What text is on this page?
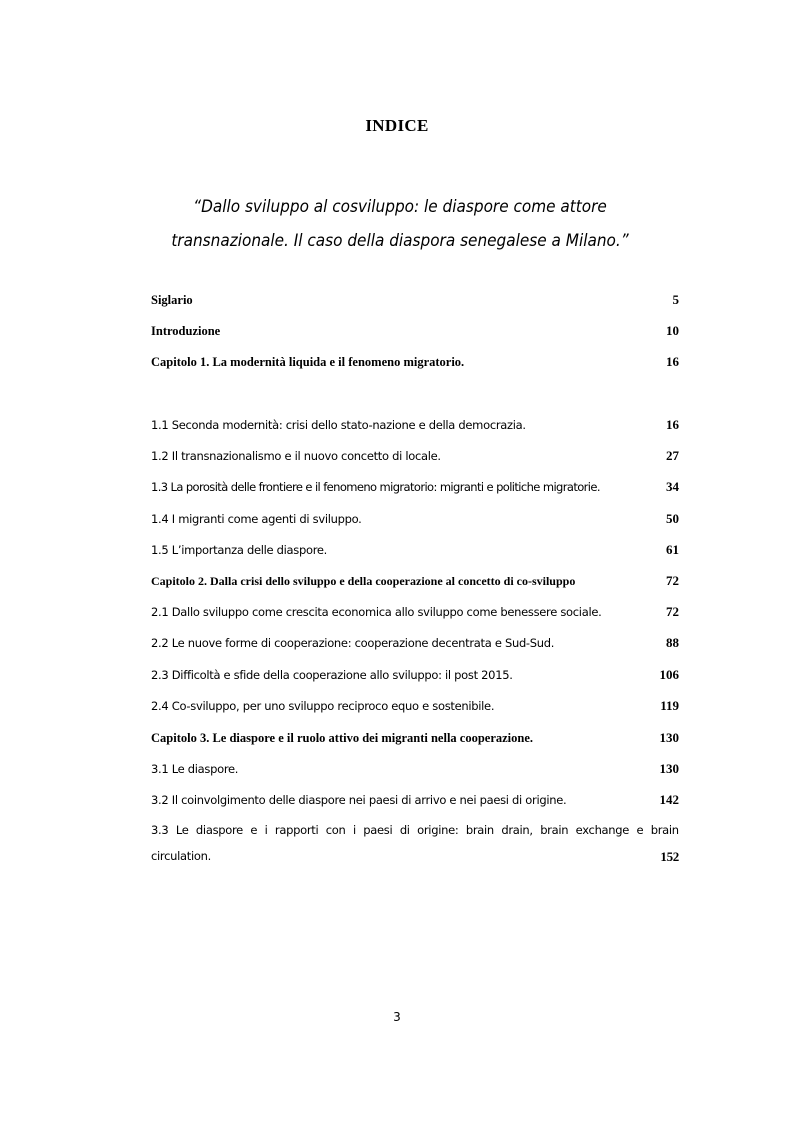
INDICE
“Dallo sviluppo al cosviluppo: le diaspore come attore
transnazionale. Il caso della diaspora senegalese a Milano.”
Siglario	5
Introduzione	10
Capitolo 1. La modernità liquida e il fenomeno migratorio.	16
1.1 Seconda modernità: crisi dello stato-nazione e della democrazia.	16
1.2 Il transnazionalismo e il nuovo concetto di locale.	27
1.3 La porosità delle frontiere e il fenomeno migratorio: migranti e politiche migratorie.	34
1.4 I migranti come agenti di sviluppo.	50
1.5 L’importanza delle diaspore.	61
Capitolo 2. Dalla crisi dello sviluppo e della cooperazione al concetto di co-sviluppo	72
2.1 Dallo sviluppo come crescita economica allo sviluppo come benessere sociale.	72
2.2 Le nuove forme di cooperazione: cooperazione decentrata e Sud-Sud.	88
2.3 Difficoltà e sfide della cooperazione allo sviluppo: il post 2015.	106
2.4 Co-sviluppo, per uno sviluppo reciproco equo e sostenibile.	119
Capitolo 3. Le diaspore e il ruolo attivo dei migranti nella cooperazione.	130
3.1 Le diaspore.	130
3.2 Il coinvolgimento delle diaspore nei paesi di arrivo e nei paesi di origine.	142
3.3 Le diaspore e i rapporti con i paesi di origine: brain drain, brain exchange e brain
circulation.	152
3
